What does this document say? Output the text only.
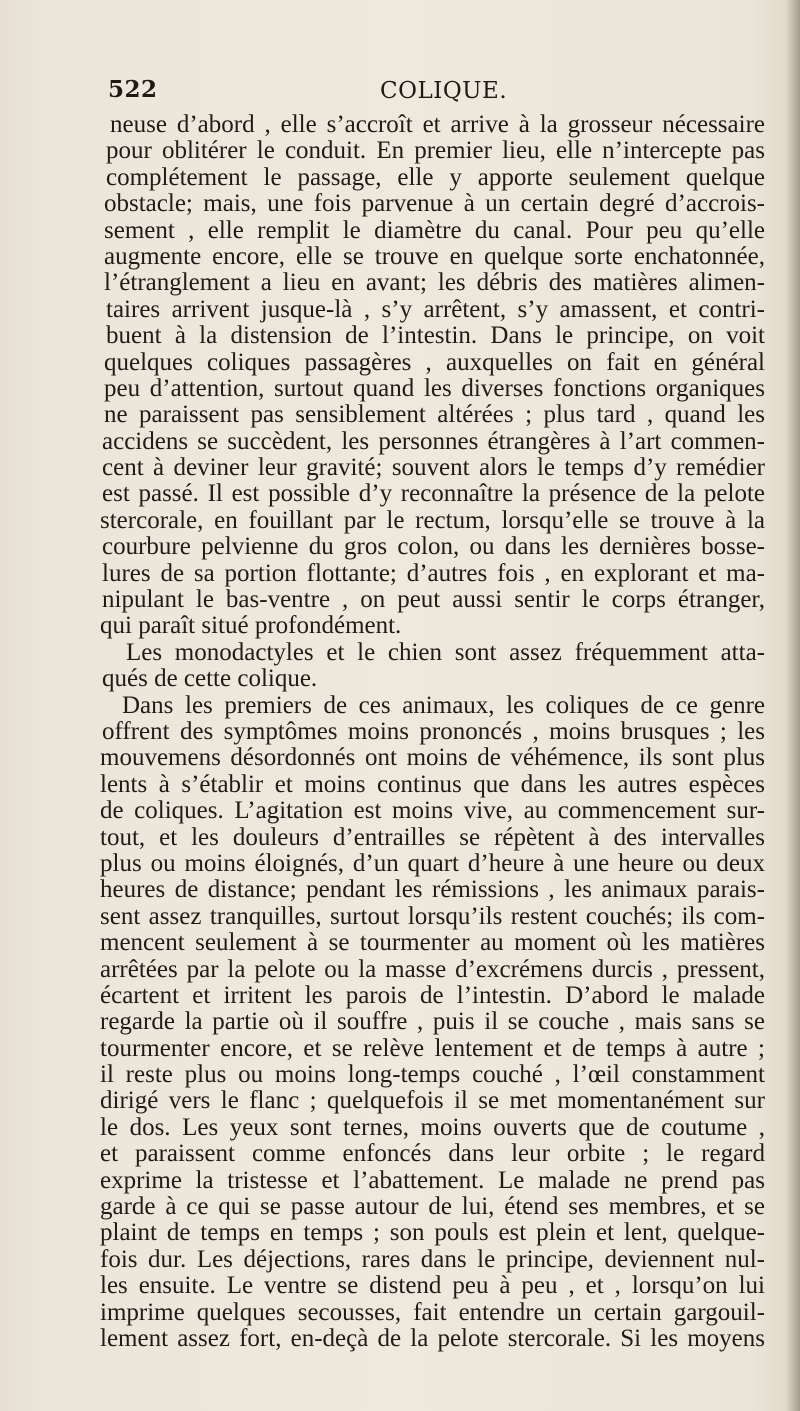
522	COLIQUE.
neuse d’abord , elle s’accroît et arrive à la grosseur nécessaire
pour oblitérer le conduit. En premier lieu, elle n’intercepte pas
complétement le passage, elle y apporte seulement quelque
obstacle; mais, une fois parvenue à un certain degré d’accrois-
sement , elle remplit le diamètre du canal. Pour peu qu’elle
augmente encore, elle se trouve en quelque sorte enchatonnée,
l’étranglement a lieu en avant; les débris des matières alimen-
taires arrivent jusque-là , s’y arrêtent, s’y amassent, et contri-
buent à la distension de l’intestin. Dans le principe, on voit
quelques coliques passagères , auxquelles on fait en général
peu d’attention, surtout quand les diverses fonctions organiques
ne paraissent pas sensiblement altérées ; plus tard , quand les
accidens se succèdent, les personnes étrangères à l’art commen-
cent à deviner leur gravité; souvent alors le temps d’y remédier
est passé. Il est possible d’y reconnaître la présence de la pelote
stercorale, en fouillant par le rectum, lorsqu’elle se trouve à la
courbure pelvienne du gros colon, ou dans les dernières bosse-
lures de sa portion flottante; d’autres fois , en explorant et ma-
nipulant le bas-ventre , on peut aussi sentir le corps étranger,
qui paraît situé profondément.
Les monodactyles et le chien sont assez fréquemment atta-
qués de cette colique.
Dans les premiers de ces animaux, les coliques de ce genre
offrent des symptômes moins prononcés , moins brusques ; les
mouvemens désordonnés ont moins de véhémence, ils sont plus
lents à s’établir et moins continus que dans les autres espèces
de coliques. L’agitation est moins vive, au commencement sur-
tout, et les douleurs d’entrailles se répètent à des intervalles
plus ou moins éloignés, d’un quart d’heure à une heure ou deux
heures de distance; pendant les rémissions , les animaux parais-
sent assez tranquilles, surtout lorsqu’ils restent couchés; ils com-
mencent seulement à se tourmenter au moment où les matières
arrêtées par la pelote ou la masse d’excrémens durcis , pressent,
écartent et irritent les parois de l’intestin. D’abord le malade
regarde la partie où il souffre , puis il se couche , mais sans se
tourmenter encore, et se relève lentement et de temps à autre ;
il reste plus ou moins long-temps couché , l’œil constamment
dirigé vers le flanc ; quelquefois il se met momentanément sur
le dos. Les yeux sont ternes, moins ouverts que de coutume ,
et paraissent comme enfoncés dans leur orbite ; le regard
exprime la tristesse et l’abattement. Le malade ne prend pas
garde à ce qui se passe autour de lui, étend ses membres, et se
plaint de temps en temps ; son pouls est plein et lent, quelque-
fois dur. Les déjections, rares dans le principe, deviennent nul-
les ensuite. Le ventre se distend peu à peu , et , lorsqu’on lui
imprime quelques secousses, fait entendre un certain gargouil-
lement assez fort, en-deçà de la pelote stercorale. Si les moyens
